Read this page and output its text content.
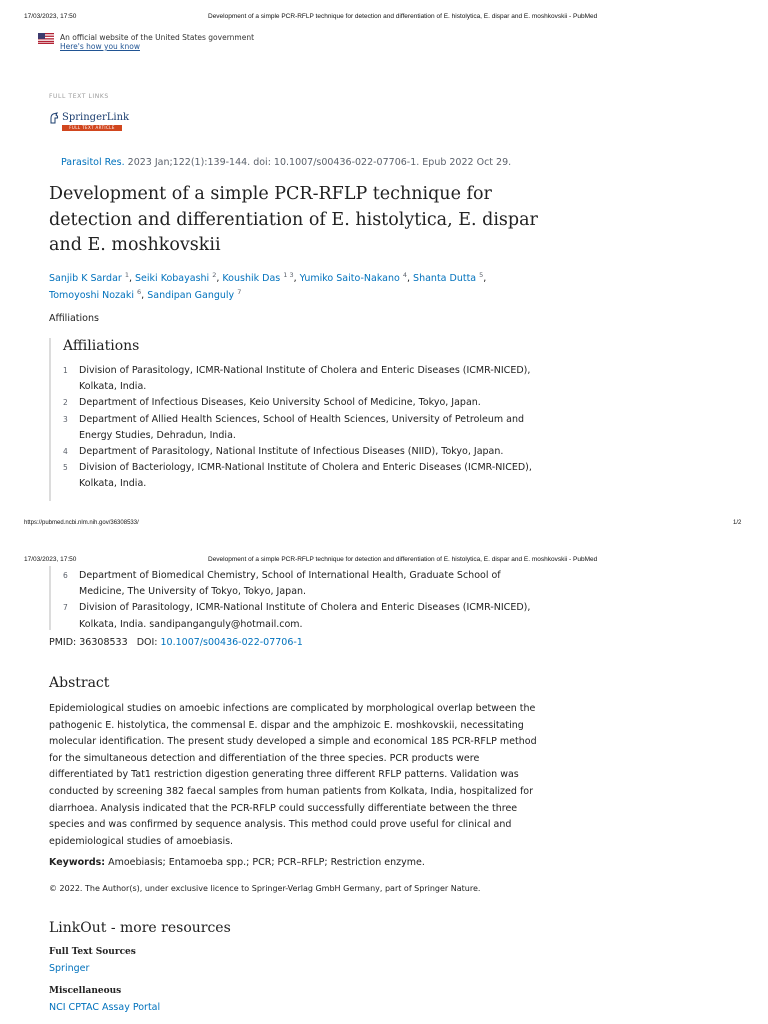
17/03/2023, 17:50	Development of a simple PCR-RFLP technique for detection and differentiation of E. histolytica, E. dispar and E. moshkovskii - PubMed
An official website of the United States government
Here's how you know
FULL TEXT LINKS
SpringerLink
FULL TEXT ARTICLE
Parasitol Res. 2023 Jan;122(1):139-144. doi: 10.1007/s00436-022-07706-1. Epub 2022 Oct 29.
Development of a simple PCR-RFLP technique for detection and differentiation of E. histolytica, E. dispar and E. moshkovskii
Sanjib K Sardar $^1$, Seiki Kobayashi $^2$, Koushik Das $^{1 3}$, Yumiko Saito-Nakano $^4$, Shanta Dutta $^5$,
Tomoyoshi Nozaki $^6$, Sandipan Ganguly $^7$
Affiliations
Affiliations
1	Division of Parasitology, ICMR-National Institute of Cholera and Enteric Diseases (ICMR-NICED), Kolkata, India.
2	Department of Infectious Diseases, Keio University School of Medicine, Tokyo, Japan.
3	Department of Allied Health Sciences, School of Health Sciences, University of Petroleum and Energy Studies, Dehradun, India.
4	Department of Parasitology, National Institute of Infectious Diseases (NIID), Tokyo, Japan.
5	Division of Bacteriology, ICMR-National Institute of Cholera and Enteric Diseases (ICMR-NICED), Kolkata, India.
https://pubmed.ncbi.nlm.nih.gov/36308533/	1/2
17/03/2023, 17:50	Development of a simple PCR-RFLP technique for detection and differentiation of E. histolytica, E. dispar and E. moshkovskii - PubMed
6	Department of Biomedical Chemistry, School of International Health, Graduate School of Medicine, The University of Tokyo, Tokyo, Japan.
7	Division of Parasitology, ICMR-National Institute of Cholera and Enteric Diseases (ICMR-NICED), Kolkata, India. sandipanganguly@hotmail.com.
PMID: 36308533 DOI: 10.1007/s00436-022-07706-1
Abstract

Epidemiological studies on amoebic infections are complicated by morphological overlap between the pathogenic E. histolytica, the commensal E. dispar and the amphizoic E. moshkovskii, necessitating molecular identification. The present study developed a simple and economical 18S PCR-RFLP method for the simultaneous detection and differentiation of the three species. PCR products were differentiated by Tat1 restriction digestion generating three different RFLP patterns. Validation was conducted by screening 382 faecal samples from human patients from Kolkata, India, hospitalized for diarrhoea. Analysis indicated that the PCR-RFLP could successfully differentiate between the three species and was confirmed by sequence analysis. This method could prove useful for clinical and epidemiological studies of amoebiasis.

Keywords: Amoebiasis; Entamoeba spp.; PCR; PCR–RFLP; Restriction enzyme.
© 2022. The Author(s), under exclusive licence to Springer-Verlag GmbH Germany, part of Springer Nature.
LinkOut - more resources
Full Text Sources
Springer
Miscellaneous
NCI CPTAC Assay Portal
